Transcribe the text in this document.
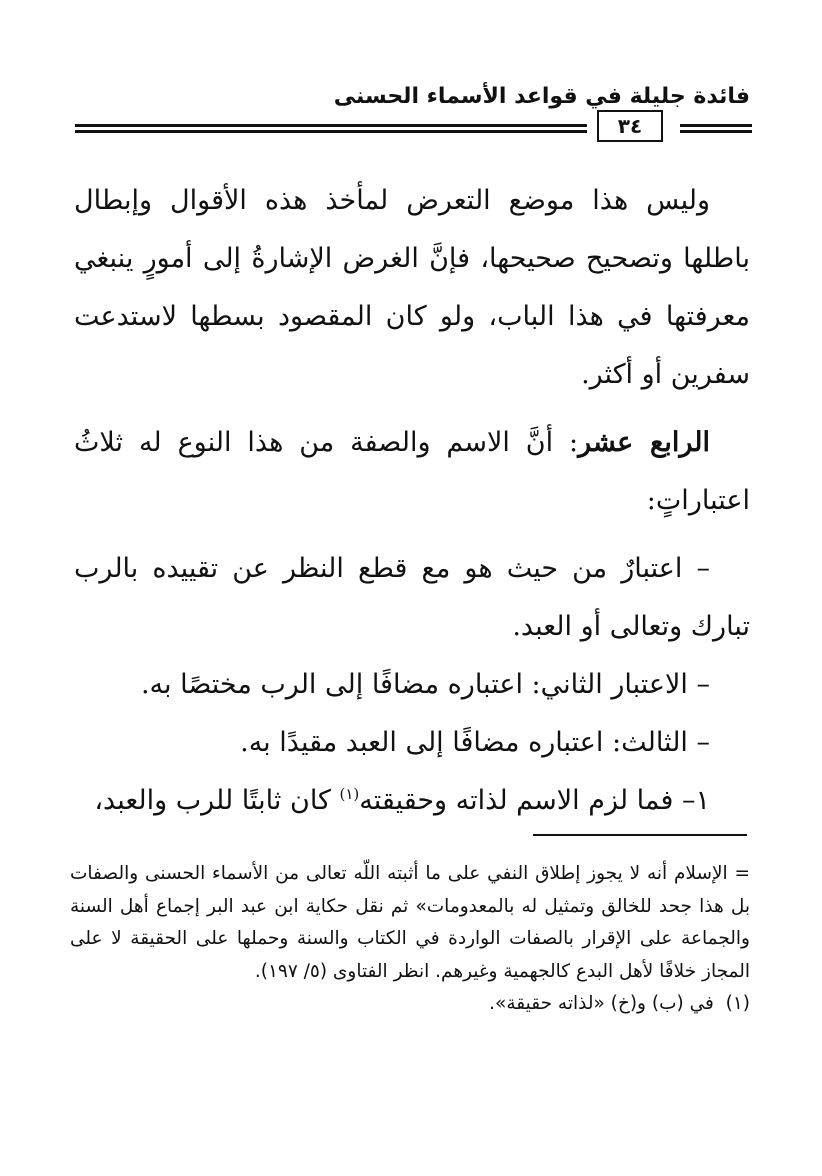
فائدة جليلة في قواعد الأسماء الحسنى
٣٤

وليس هذا موضع التعرض لمأخذ هذه الأقوال وإبطال باطلها وتصحيح صحيحها، فإنَّ الغرض الإشارةُ إلى أمورٍ ينبغي معرفتها في هذا الباب، ولو كان المقصود بسطها لاستدعت سفرين أو أكثر.

الرابع عشر: أنَّ الاسم والصفة من هذا النوع له ثلاثُ اعتباراتٍ:

– اعتبارٌ من حيث هو مع قطع النظر عن تقييده بالرب تبارك وتعالى أو العبد.

– الاعتبار الثاني: اعتباره مضافًا إلى الرب مختصًا به.

– الثالث: اعتباره مضافًا إلى العبد مقيدًا به.

١– فما لزم الاسم لذاته وحقيقته$^{(١)}$ كان ثابتًا للرب والعبد،

= الإسلام أنه لا يجوز إطلاق النفي على ما أثبته اللّه تعالى من الأسماء الحسنى والصفات بل هذا جحد للخالق وتمثيل له بالمعدومات» ثم نقل حكاية ابن عبد البر إجماع أهل السنة والجماعة على الإقرار بالصفات الواردة في الكتاب والسنة وحملها على الحقيقة لا على المجاز خلافًا لأهل البدع كالجهمية وغيرهم. انظر الفتاوى (٥/ ١٩٧).

(١)  في (ب) و(خ) «لذاته حقيقة».
